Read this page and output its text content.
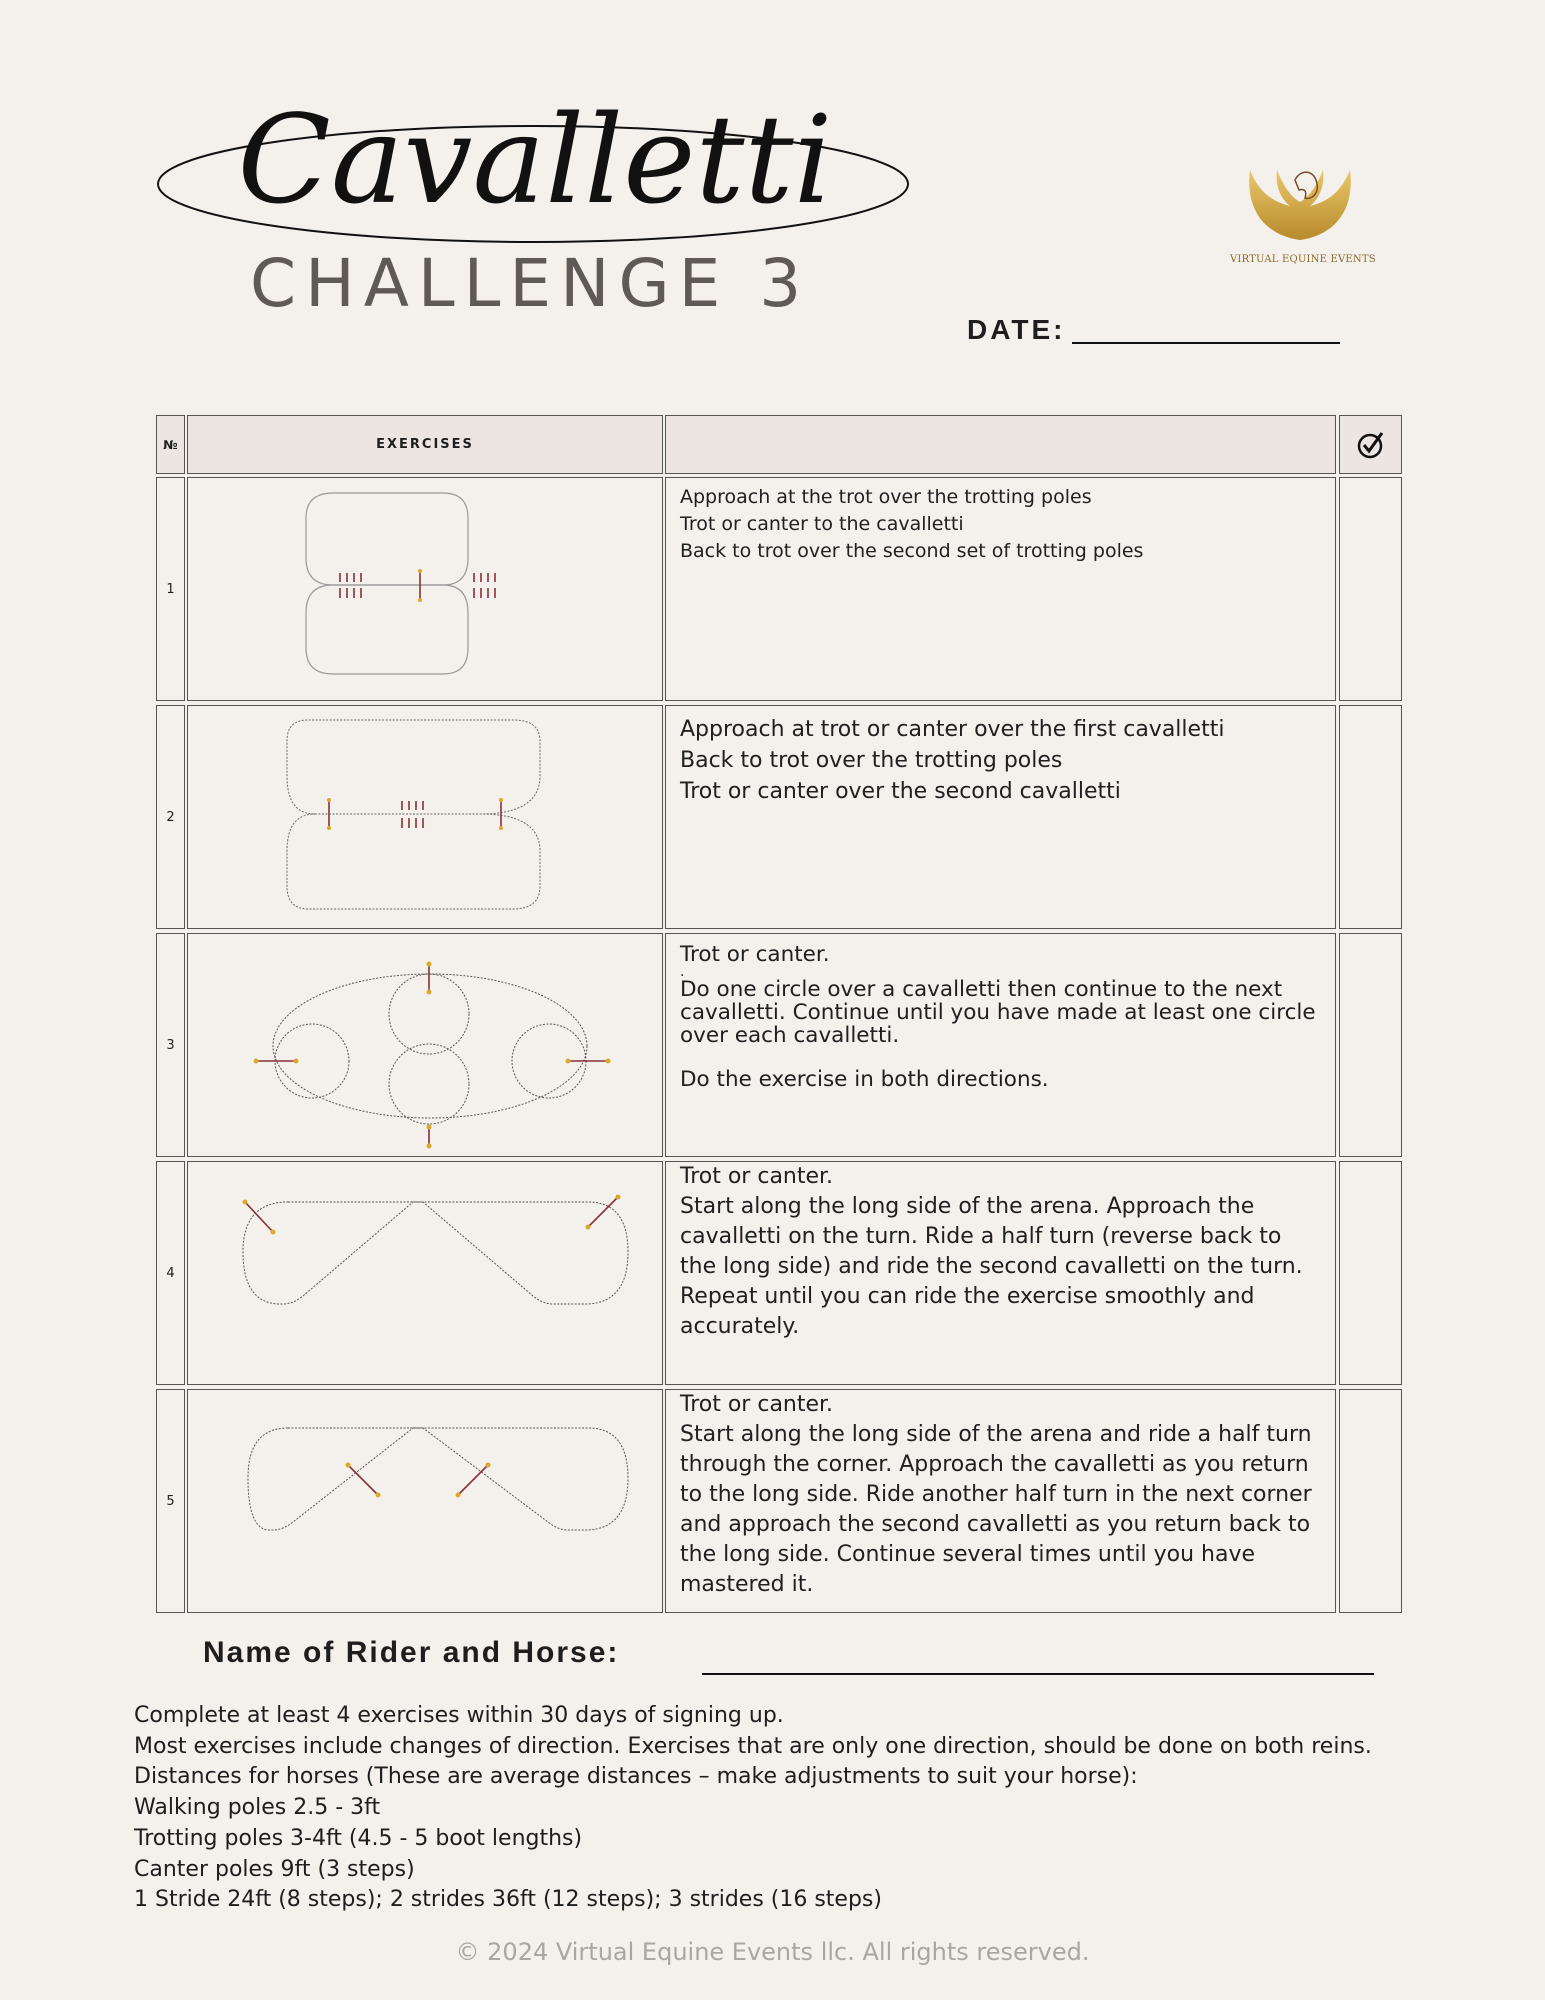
Cavalletti
CHALLENGE 3	VIRTUAL EQUINE EVENTS
DATE:
№	EXERCISES
1

Approach at the trot over the trotting poles

Trot or canter to the cavalletti

Back to trot over the second set of trotting poles

2

Approach at trot or canter over the first cavalletti

Back to trot over the trotting poles

Trot or canter over the second cavalletti

3

Trot or canter.

.

Do one circle over a cavalletti then continue to the next cavalletti. Continue until you have made at least one circle over each cavalletti.

Do the exercise in both directions.

4

Trot or canter.

Start along the long side of the arena. Approach the cavalletti on the turn. Ride a half turn (reverse back to the long side) and ride the second cavalletti on the turn. Repeat until you can ride the exercise smoothly and accurately.

5

Trot or canter.

Start along the long side of the arena and ride a half turn through the corner. Approach the cavalletti as you return to the long side. Ride another half turn in the next corner and approach the second cavalletti as you return back to the long side. Continue several times until you have mastered it.

Name of Rider and Horse:
Complete at least 4 exercises within 30 days of signing up.
Most exercises include changes of direction. Exercises that are only one direction, should be done on both reins.
Distances for horses (These are average distances – make adjustments to suit your horse):
Walking poles 2.5 - 3ft
Trotting poles 3-4ft (4.5 - 5 boot lengths)
Canter poles 9ft (3 steps)
1 Stride 24ft (8 steps); 2 strides 36ft (12 steps); 3 strides (16 steps)
© 2024 Virtual Equine Events llc. All rights reserved.
